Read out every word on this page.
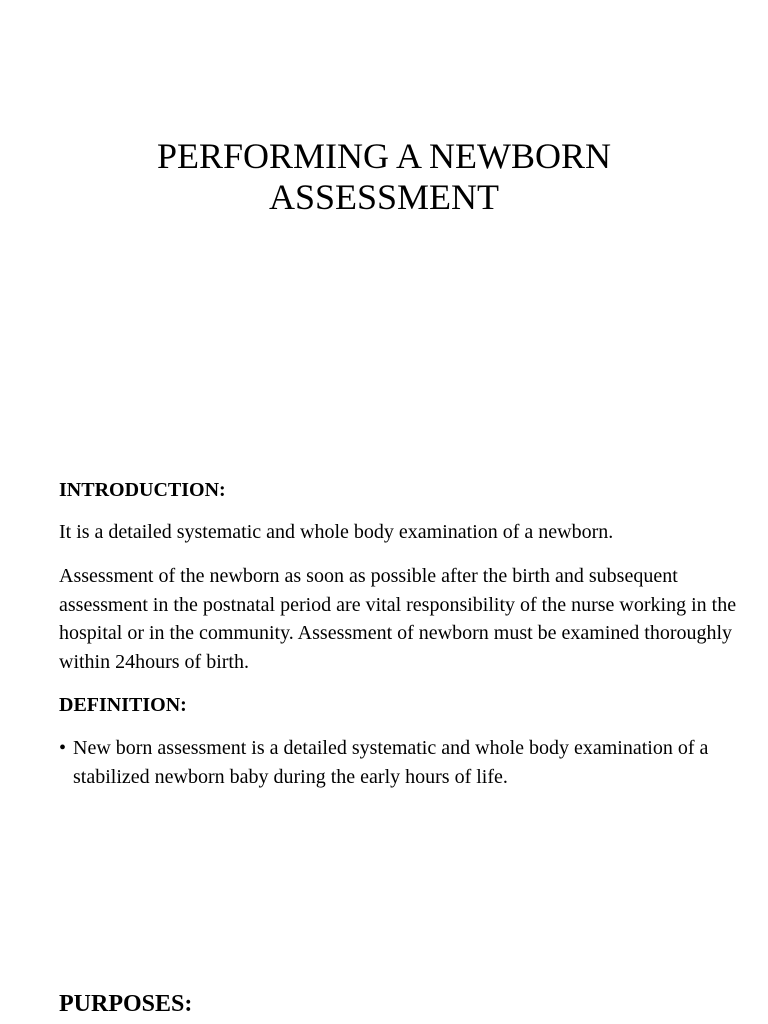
PERFORMING A NEWBORN
ASSESSMENT
INTRODUCTION:

It is a detailed systematic and whole body examination of a newborn.

Assessment of the newborn as soon as possible after the birth and subsequent assessment in the postnatal period are vital responsibility of the nurse working in the hospital or in the community. Assessment of newborn must be examined thoroughly within 24hours of birth.

DEFINITION:
• New born assessment is a detailed systematic and whole body examination of a stabilized newborn baby during the early hours of life.
PURPOSES:
